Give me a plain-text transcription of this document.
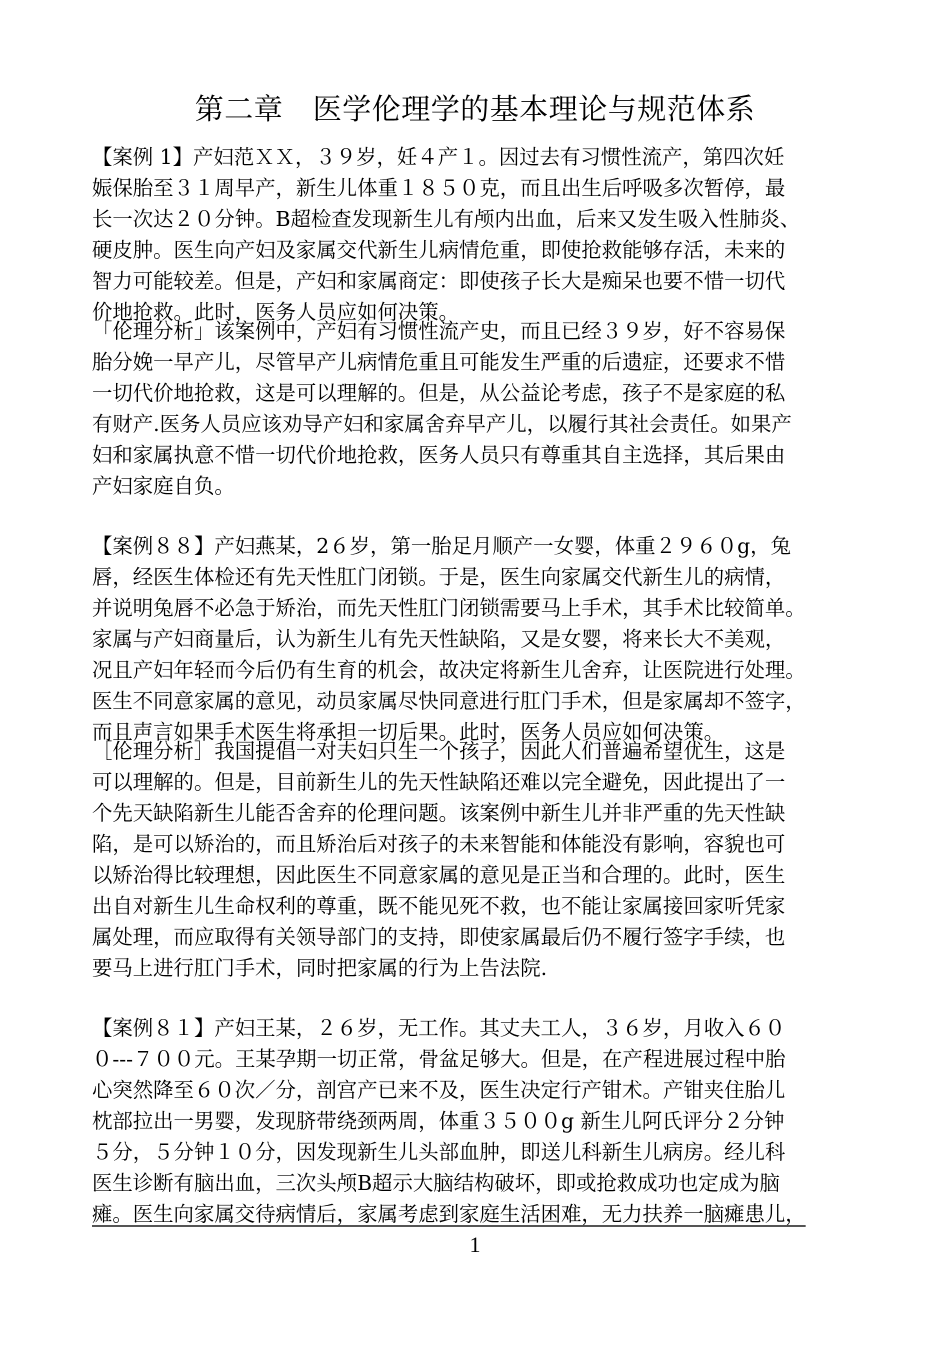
第二章　医学伦理学的基本理论与规范体系
【案例 1】产妇范ＸＸ，３９岁，妊４产１。因过去有习惯性流产，第四次妊
娠保胎至３１周早产，新生儿体重１８５０克，而且出生后呼吸多次暂停，最
长一次达２０分钟。B超检查发现新生儿有颅内出血，后来又发生吸入性肺炎、
硬皮肿。医生向产妇及家属交代新生儿病情危重，即使抢救能够存活，未来的
智力可能较差。但是，产妇和家属商定：即使孩子长大是痴呆也要不惜一切代
价地抢救。此时，医务人员应如何决策。
「伦理分析」该案例中，产妇有习惯性流产史，而且已经３９岁，好不容易保
胎分娩一早产儿，尽管早产儿病情危重且可能发生严重的后遗症，还要求不惜
一切代价地抢救，这是可以理解的。但是，从公益论考虑，孩子不是家庭的私
有财产.医务人员应该劝导产妇和家属舍弃早产儿，以履行其社会责任。如果产
妇和家属执意不惜一切代价地抢救，医务人员只有尊重其自主选择，其后果由
产妇家庭自负。
【案例８８】产妇燕某，2６岁，第一胎足月顺产一女婴，体重２９６０g，兔
唇，经医生体检还有先天性肛门闭锁。于是，医生向家属交代新生儿的病情，
并说明兔唇不必急于矫治，而先天性肛门闭锁需要马上手术，其手术比较简单。
家属与产妇商量后，认为新生儿有先天性缺陷，又是女婴，将来长大不美观，
况且产妇年轻而今后仍有生育的机会，故决定将新生儿舍弃，让医院进行处理。
医生不同意家属的意见，动员家属尽快同意进行肛门手术，但是家属却不签字，
而且声言如果手术医生将承担一切后果。此时，医务人员应如何决策。
［伦理分析］我国提倡一对夫妇只生一个孩子，因此人们普遍希望优生，这是
可以理解的。但是，目前新生儿的先天性缺陷还难以完全避免，因此提出了一
个先天缺陷新生儿能否舍弃的伦理问题。该案例中新生儿并非严重的先天性缺
陷，是可以矫治的，而且矫治后对孩子的未来智能和体能没有影响，容貌也可
以矫治得比较理想，因此医生不同意家属的意见是正当和合理的。此时，医生
出自对新生儿生命权利的尊重，既不能见死不救，也不能让家属接回家听凭家
属处理，而应取得有关领导部门的支持，即使家属最后仍不履行签字手续，也
要马上进行肛门手术，同时把家属的行为上告法院.
【案例８１】产妇王某，２６岁，无工作。其丈夫工人，３６岁，月收入６０
０---７００元。王某孕期一切正常，骨盆足够大。但是，在产程进展过程中胎
心突然降至６０次／分，剖宫产已来不及，医生决定行产钳术。产钳夹住胎儿
枕部拉出一男婴，发现脐带绕颈两周，体重３５００g 新生儿阿氏评分２分钟
５分，５分钟１０分，因发现新生儿头部血肿，即送儿科新生儿病房。经儿科
医生诊断有脑出血，三次头颅B超示大脑结构破坏，即或抢救成功也定成为脑
瘫。医生向家属交待病情后，家属考虑到家庭生活困难，无力扶养一脑瘫患儿，
1
